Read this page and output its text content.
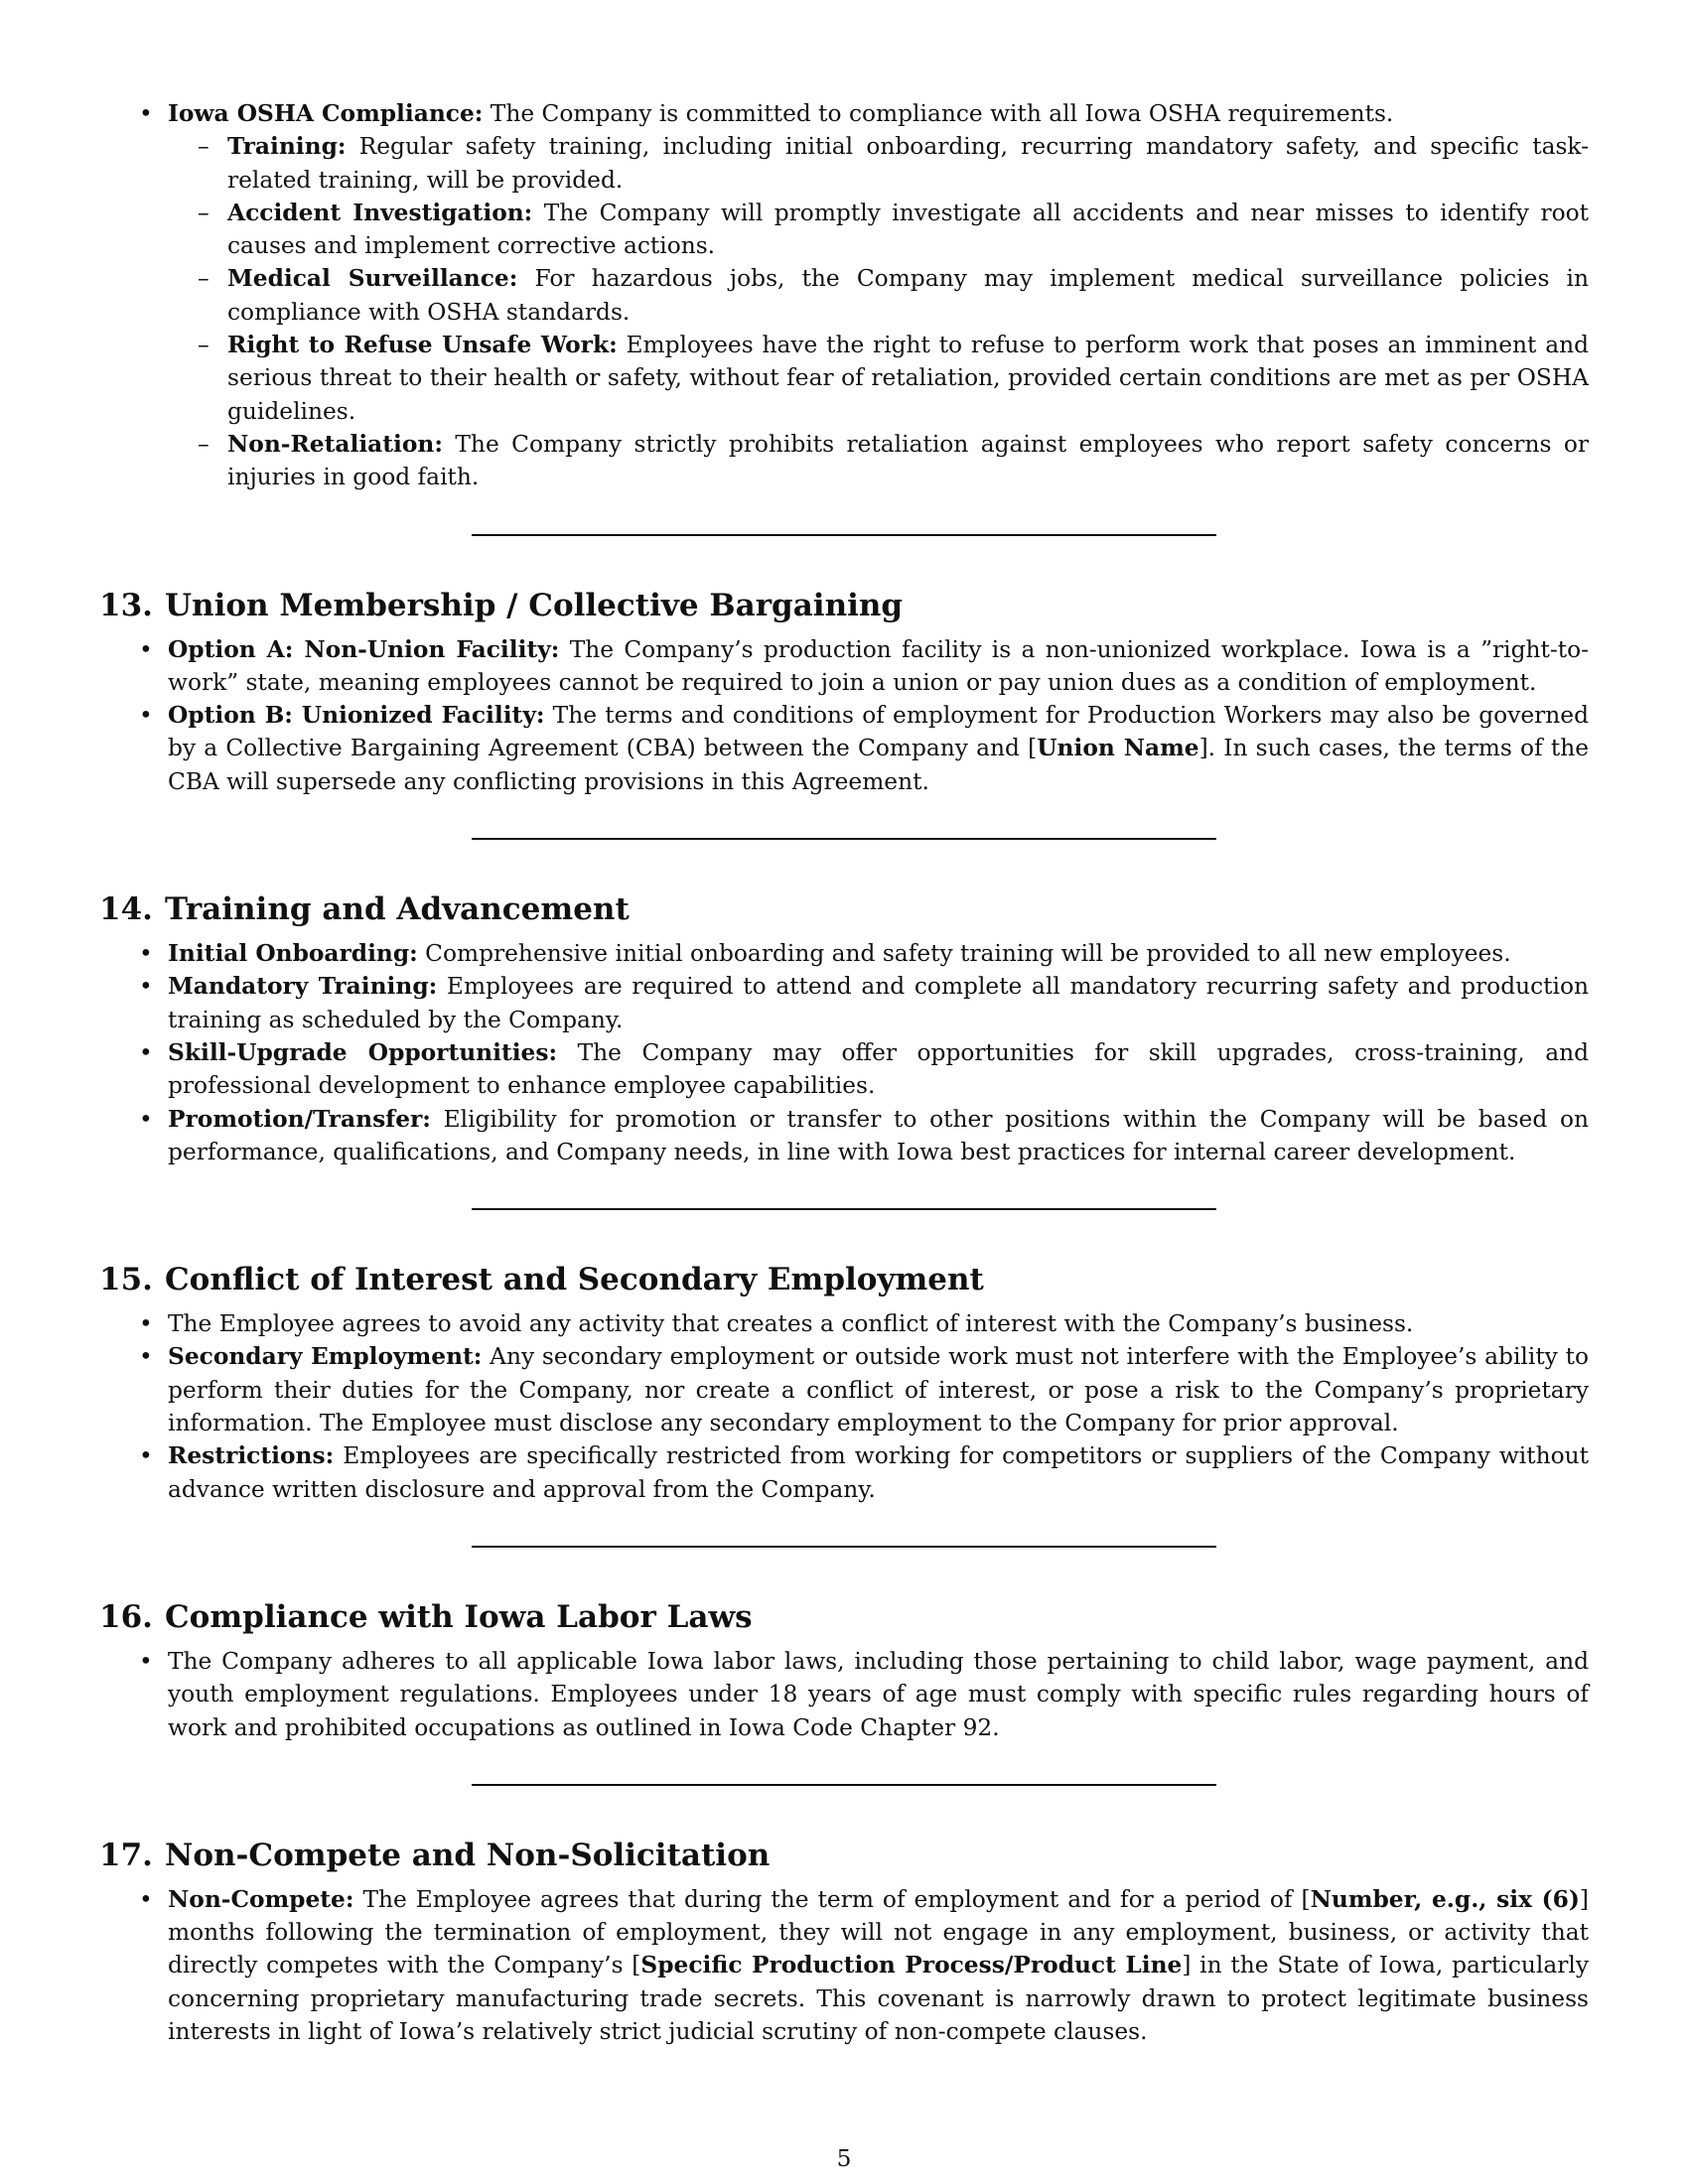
• Iowa OSHA Compliance: The Company is committed to compliance with all Iowa OSHA requirements.
– Training: Regular safety training, including initial onboarding, recurring mandatory safety, and specific task-related training, will be provided.
– Accident Investigation: The Company will promptly investigate all accidents and near misses to identify root causes and implement corrective actions.
– Medical Surveillance: For hazardous jobs, the Company may implement medical surveillance policies in compliance with OSHA standards.
– Right to Refuse Unsafe Work: Employees have the right to refuse to perform work that poses an imminent and serious threat to their health or safety, without fear of retaliation, provided certain conditions are met as per OSHA guidelines.
– Non-Retaliation: The Company strictly prohibits retaliation against employees who report safety concerns or injuries in good faith.
13. Union Membership / Collective Bargaining
• Option A: Non-Union Facility: The Company’s production facility is a non-unionized workplace. Iowa is a ”right-to-work” state, meaning employees cannot be required to join a union or pay union dues as a condition of employment.
• Option B: Unionized Facility: The terms and conditions of employment for Production Workers may also be governed by a Collective Bargaining Agreement (CBA) between the Company and [Union Name]. In such cases, the terms of the CBA will supersede any conflicting provisions in this Agreement.
14. Training and Advancement
• Initial Onboarding: Comprehensive initial onboarding and safety training will be provided to all new employees.
• Mandatory Training: Employees are required to attend and complete all mandatory recurring safety and production training as scheduled by the Company.
• Skill-Upgrade Opportunities: The Company may offer opportunities for skill upgrades, cross-training, and professional development to enhance employee capabilities.
• Promotion/Transfer: Eligibility for promotion or transfer to other positions within the Company will be based on performance, qualifications, and Company needs, in line with Iowa best practices for internal career development.
15. Conflict of Interest and Secondary Employment
• The Employee agrees to avoid any activity that creates a conflict of interest with the Company’s business.
• Secondary Employment: Any secondary employment or outside work must not interfere with the Employee’s ability to perform their duties for the Company, nor create a conflict of interest, or pose a risk to the Company’s proprietary information. The Employee must disclose any secondary employment to the Company for prior approval.
• Restrictions: Employees are specifically restricted from working for competitors or suppliers of the Company without advance written disclosure and approval from the Company.
16. Compliance with Iowa Labor Laws
• The Company adheres to all applicable Iowa labor laws, including those pertaining to child labor, wage payment, and youth employment regulations. Employees under 18 years of age must comply with specific rules regarding hours of work and prohibited occupations as outlined in Iowa Code Chapter 92.
17. Non-Compete and Non-Solicitation
• Non-Compete: The Employee agrees that during the term of employment and for a period of [Number, e.g., six (6)] months following the termination of employment, they will not engage in any employment, business, or activity that directly competes with the Company’s [Specific Production Process/Product Line] in the State of Iowa, particularly concerning proprietary manufacturing trade secrets. This covenant is narrowly drawn to protect legitimate business interests in light of Iowa’s relatively strict judicial scrutiny of non-compete clauses.
5
